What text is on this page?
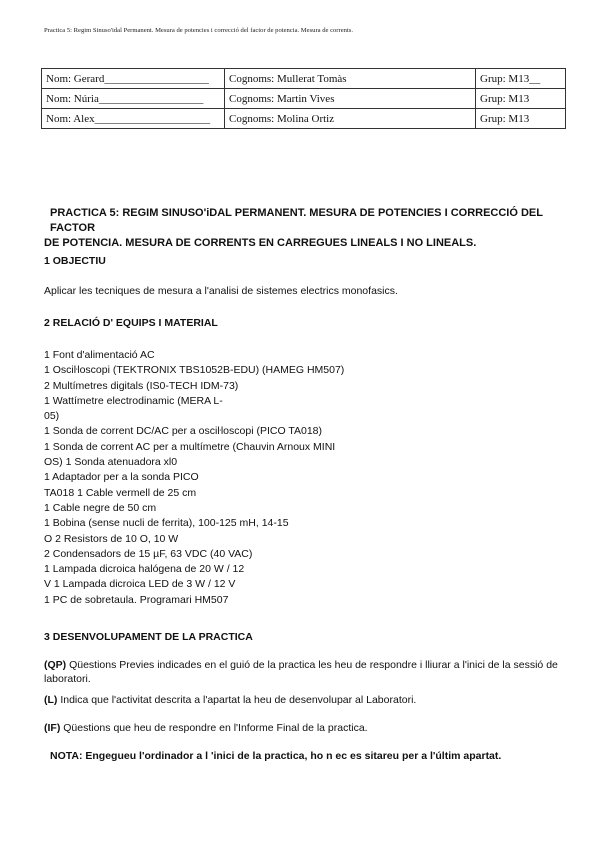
Practica 5: Regim Sinuso'idal Permanent. Mesura de potencies i correcció del factor de potencia. Mesura de corrents.
Nom: Gerard___________________	Cognoms: Mullerat Tomàs	Grup: M13__
Nom: Núria___________________	Cognoms: Martin Vives	Grup: M13
Nom: Alex_____________________	Cognoms: Molina Ortiz	Grup: M13
PRACTICA 5: REGIM SINUSO'iDAL PERMANENT. MESURA DE POTENCIES I CORRECCIÓ DEL FACTOR
DE POTENCIA. MESURA DE CORRENTS EN CARREGUES LINEALS I NO LINEALS.
1 OBJECTIU
Aplicar les tecniques de mesura a l'analisi de sistemes electrics monofasics.
2 RELACIÓ D' EQUIPS I MATERIAL
1 Font d'alimentació AC
1 Osciŀloscopi (TEKTRONIX TBS1052B-EDU) (HAMEG HM507)
2 Multímetres digitals (IS0-TECH IDM-73)
1 Wattímetre electrodinamic (MERA L-
05)
1 Sonda de corrent DC/AC per a osciŀloscopi (PICO TA018)
1 Sonda de corrent AC per a multímetre (Chauvin Arnoux MINI
OS) 1 Sonda atenuadora xl0
1 Adaptador per a la sonda PICO
TA018 1 Cable vermell de 25 cm
1 Cable negre de 50 cm
1 Bobina (sense nucli de ferrita), 100-125 mH, 14-15
O 2 Resistors de 10 O, 10 W
2 Condensadors de 15 µF, 63 VDC (40 VAC)
1 Lampada dicroica halógena de 20 W / 12
V 1 Lampada dicroica LED de 3 W / 12 V
1 PC de sobretaula. Programari HM507
3 DESENVOLUPAMENT DE LA PRACTICA
(QP) Qüestions Previes indicades en el guió de la practica les heu de respondre i lliurar a l'inici de la sessió de laboratori.
(L) Indica que l'activitat descrita a l'apartat la heu de desenvolupar al Laboratori.
(IF) Qüestions que heu de respondre en l'Informe Final de la practica.
NOTA: Engegueu l'ordinador a l 'inici de la practica, ho n ec es sitareu per a l'últim apartat.
